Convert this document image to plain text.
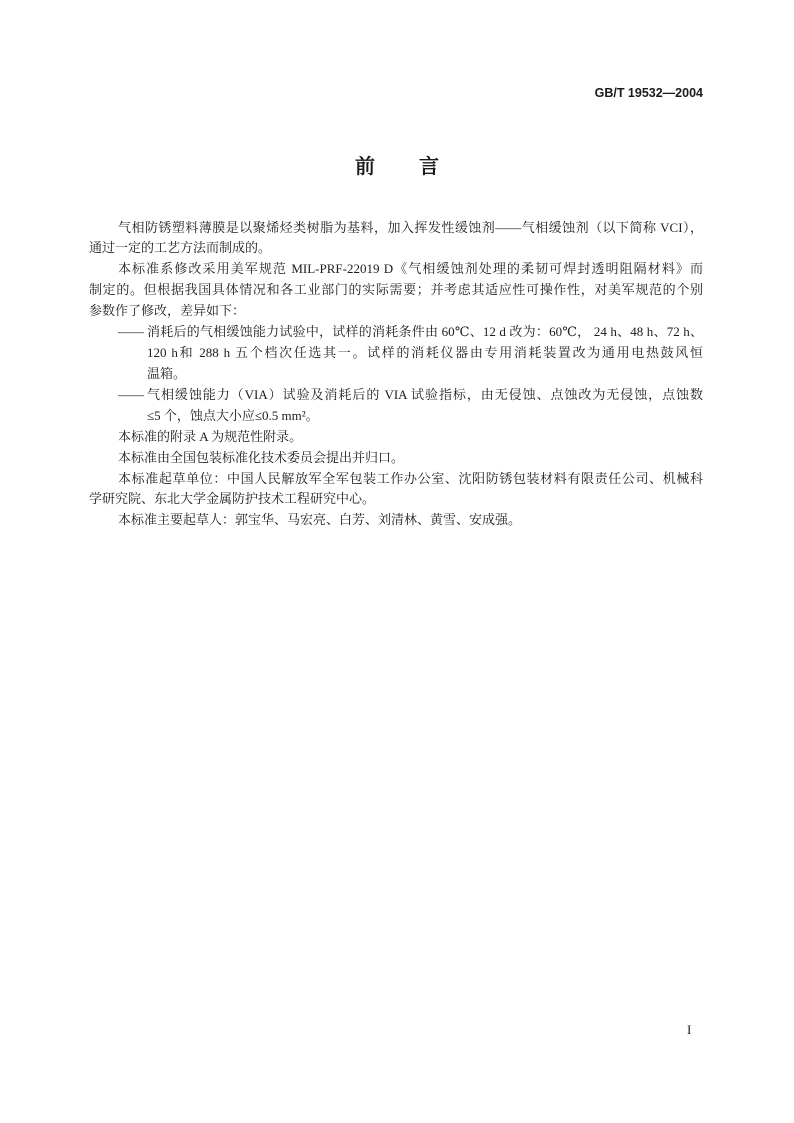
GB/T 19532—2004
前　言
气相防锈塑料薄膜是以聚烯烃类树脂为基料，加入挥发性缓蚀剂——气相缓蚀剂（以下简称 VCI），
通过一定的工艺方法而制成的。
本标准系修改采用美军规范 MIL-PRF-22019 D《气相缓蚀剂处理的柔韧可焊封透明阻隔材料》而
制定的。但根据我国具体情况和各工业部门的实际需要；并考虑其适应性可操作性，对美军规范的个别
参数作了修改，差异如下：
—— 消耗后的气相缓蚀能力试验中，试样的消耗条件由 60℃、12 d 改为：60℃， 24 h、48 h、72 h、
120 h和 288 h 五个档次任选其一。试样的消耗仪器由专用消耗装置改为通用电热鼓风恒
温箱。
—— 气相缓蚀能力（VIA）试验及消耗后的 VIA 试验指标，由无侵蚀、点蚀改为无侵蚀，点蚀数
≤5 个，蚀点大小应≤0.5 mm²。
本标准的附录 A 为规范性附录。
本标准由全国包装标准化技术委员会提出并归口。
本标准起草单位：中国人民解放军全军包装工作办公室、沈阳防锈包装材料有限责任公司、机械科
学研究院、东北大学金属防护技术工程研究中心。
本标准主要起草人：郭宝华、马宏亮、白芳、刘清林、黄雪、安成强。
I
